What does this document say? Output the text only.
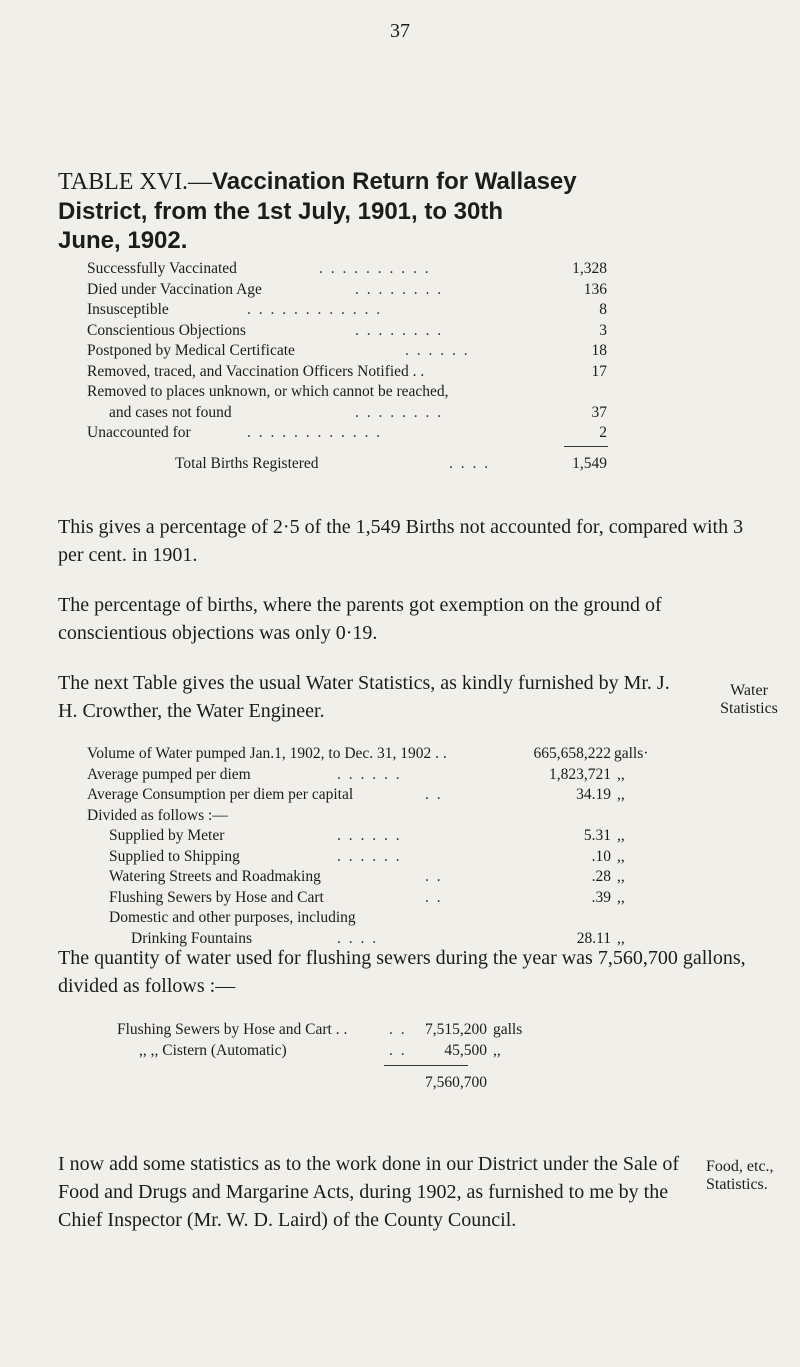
37
TABLE XVI.—Vaccination Return for Wallasey
District, from the 1st July, 1901, to 30th
June, 1902.
Successfully Vaccinated	. . . . . . . . . .	1,328
Died under Vaccination Age	. . . . . . . .	136
Insusceptible	. . . . . . . . . . . .	8
Conscientious Objections	. . . . . . . .	3
Postponed by Medical Certificate	. . . . . .	18
Removed, traced, and Vaccination Officers Notified . .	17
Removed to places unknown, or which cannot be reached,
and cases not found	. . . . . . . .	37
Unaccounted for	. . . . . . . . . . . .	2
Total Births Registered	. . . .	1,549
This gives a percentage of 2·5 of the 1,549 Births not accounted for, compared with 3 per cent. in 1901.
The percentage of births, where the parents got exemption on the ground of conscientious objections was only 0·19.
The next Table gives the usual Water Statistics, as kindly furnished by Mr. J. H. Crowther, the Water Engineer.
Water
Statistics
Volume of Water pumped Jan.1, 1902, to Dec. 31, 1902 . .	665,658,222 galls·
Average pumped per diem	. . . . . .	1,823,721 ,,
Average Consumption per diem per capital	. .	34.19 ,,
Divided as follows :—
Supplied by Meter	. . . . . .	5.31 ,,
Supplied to Shipping	. . . . . .	.10 ,,
Watering Streets and Roadmaking	. .	.28 ,,
Flushing Sewers by Hose and Cart	. .	.39 ,,
Domestic and other purposes, including
Drinking Fountains	. . . .	28.11 ,,
The quantity of water used for flushing sewers during the year was 7,560,700 gallons, divided as follows :—
Flushing Sewers by Hose and Cart . .	. . 7,515,200 galls
,, ,, Cistern (Automatic)	. . 45,500 ,,
7,560,700
I now add some statistics as to the work done in our District under the Sale of Food and Drugs and Margarine Acts, during 1902, as furnished to me by the Chief Inspector (Mr. W. D. Laird) of the County Council.
Food, etc.,
Statistics.
